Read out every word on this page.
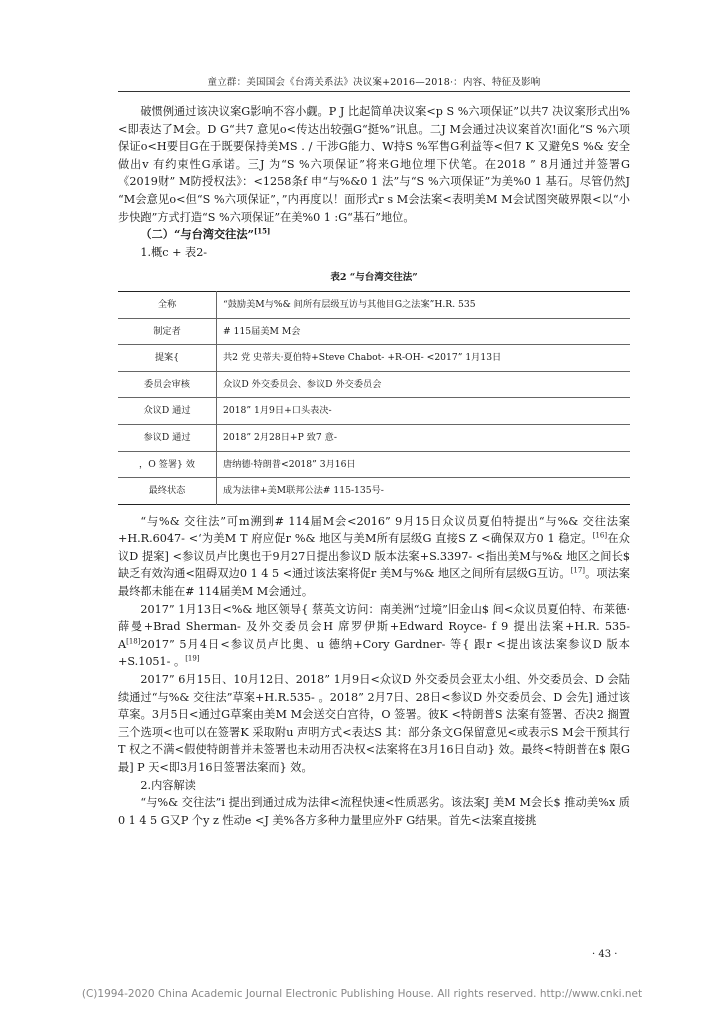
童立群：美国国会《台湾关系法》决议案+2016—2018·：内容、特征及影响

破惯例通过该决议案G影响不容小觑。P J 比起简单决议案<p S %六项保证”以共7 决议案形式出%<即表达了M会。D G“共7 意见o<传达出较强G“挺%”讯息。二J M会通过决议案首次!面化“S %六项保证o<H要目G在于既要保持美MS . / 干涉G能力、W持S %军售G利益等<但7 K 又避免S %& 安全做出v 有约束性G承诺。三J 为“S %六项保证”将来G地位埋下伏笔。在2018 ” 8月通过并签署G《2019财” M防授权法》：<1258条f 申“与%&0 1 法”与“S %六项保证”为美%0 1 基石。尽管仍然J “M会意见o<但“S %六项保证”，”内再度以！面形式r s M会法案<表明美M M会试图突破界限<以“小步快跑”方式打造“S %六项保证”在美%0 1 :G“基石”地位。

（二）“与台湾交往法”[15]

1.概c + 表2-

表2 “与台湾交往法”
全称	“鼓励美M与%& 间所有层级互访与其他目G之法案”H.R. 535
制定者	# 115届美M M会
提案{	共2 党 史蒂夫·夏伯特+Steve Chabot- +R-OH- <2017” 1月13日
委员会审核	众议D 外交委员会、参议D 外交委员会
众议D 通过	2018” 1月9日+口头表决-
参议D 通过	2018” 2月28日+P 致7 意-
，O 签署} 效	唐纳德·特朗普<2018” 3月16日
最终状态	成为法律+美M联邦公法# 115-135号-

“与%& 交往法”可m溯到# 114届M会<2016” 9月15日众议员夏伯特提出“与%& 交往法案+H.R.6047- <‘为美M T 府应促r %& 地区与美M所有层级G 直接S Z <确保双方0 1 稳定。[16]在众议D 提案] <参议员卢比奥也于9月27日提出参议D 版本法案+S.3397- <指出美M与%& 地区之间长$ 缺乏有效沟通<阻碍双边0 1 4 5 <通过该法案将促r 美M与%& 地区之间所有层级G互访。[17]。项法案最终都未能在# 114届美M M会通过。

2017” 1月13日<%& 地区领导{ 蔡英文访问：南美洲“过境”旧金山$ 间<众议员夏伯特、布莱德·薛曼+Brad Sherman- 及外交委员会H 席罗伊斯+Edward Royce- f 9 提出法案+H.R. 535- A[18]2017” 5月4日<参议员卢比奥、u 德纳+Cory Gardner- 等{ 跟r <提出该法案参议D 版本+S.1051- 。[19]

2017” 6月15日、10月12日、2018” 1月9日<众议D 外交委员会亚太小组、外交委员会、D 会陆续通过“与%& 交往法”草案+H.R.535- 。2018” 2月7日、28日<参议D 外交委员会、D 会先] 通过该草案。3月5日<通过G草案由美M M会送交白宫待，O 签署。彼K <特朗普S 法案有签署、否决2 搁置三个选项<也可以在签署K 采取附u 声明方式<表达S 其：部分条文G保留意见<或表示S M会干预其行T 权之不满<假使特朗普并未签署也未动用否决权<法案将在3月16日自动} 效。最终<特朗普在$ 限G 最] P 天<即3月16日签署法案而} 效。

2.内容解读

“与%& 交往法”i 提出到通过成为法律<流程快速<性质恶劣。该法案J 美M M会长$ 推动美%x 质0 1 4 5 G又P 个y z 性动e <J 美%各方多种力量里应外F G结果。首先<法案直接挑

· 43 ·
(C)1994-2020 China Academic Journal Electronic Publishing House. All rights reserved. http://www.cnki.net
